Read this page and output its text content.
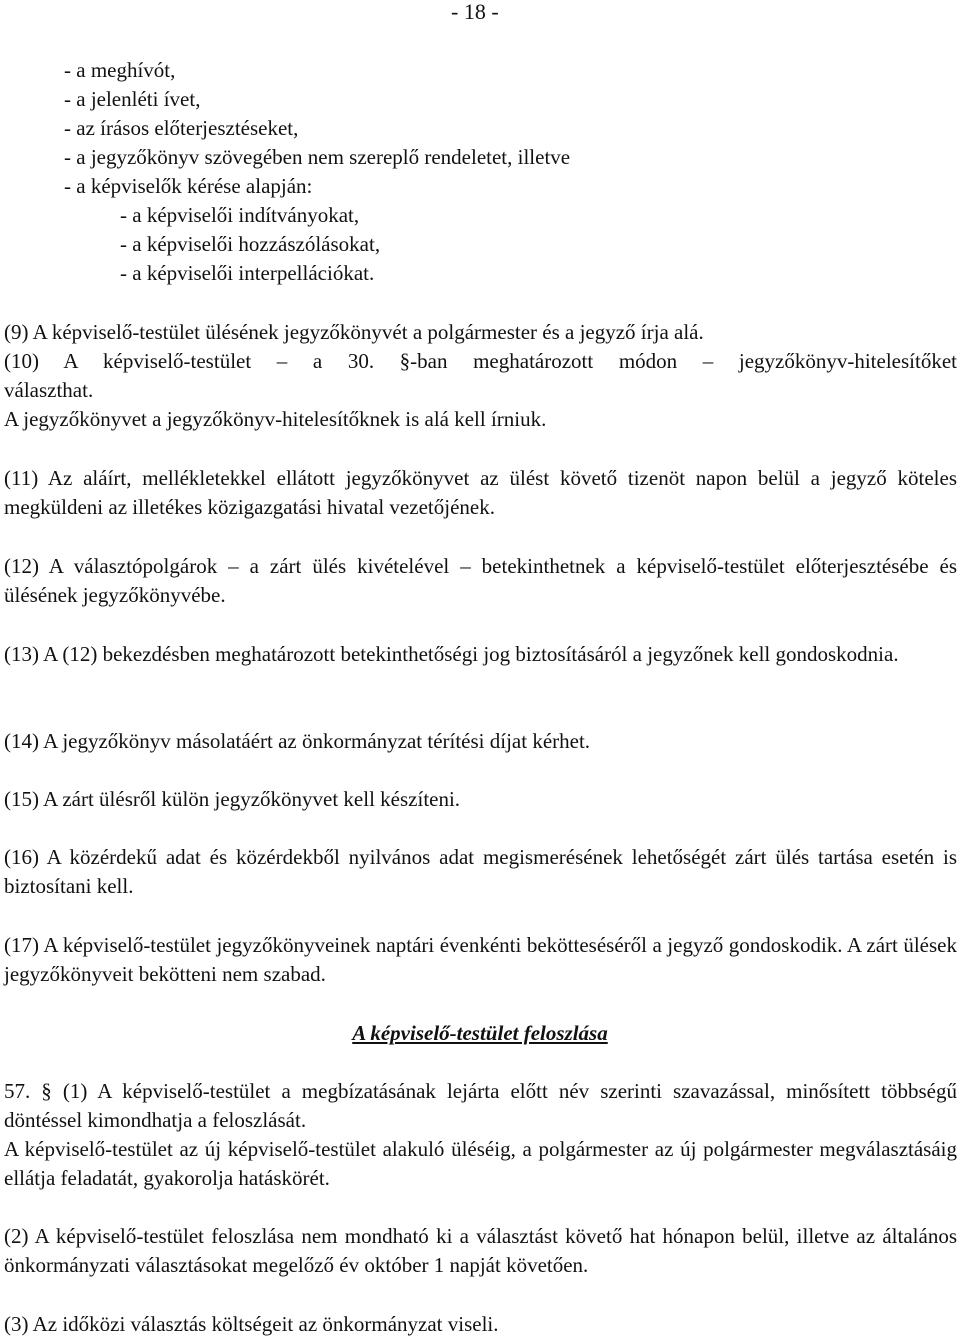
- 18 -
- a meghívót,
- a jelenléti ívet,
- az írásos előterjesztéseket,
- a jegyzőkönyv szövegében nem szereplő rendeletet, illetve
- a képviselők kérése alapján:
- a képviselői indítványokat,
- a képviselői hozzászólásokat,
- a képviselői interpellációkat.

(9) A képviselő-testület ülésének jegyzőkönyvét a polgármester és a jegyző írja alá.

(10) A képviselő-testület – a 30. §-ban meghatározott módon – jegyzőkönyv-hitelesítőket

választhat.

A jegyzőkönyvet a jegyzőkönyv-hitelesítőknek is alá kell írniuk.

(11) Az aláírt, mellékletekkel ellátott jegyzőkönyvet az ülést követő tizenöt napon belül a jegyző köteles megküldeni az illetékes közigazgatási hivatal vezetőjének.

(12) A választópolgárok – a zárt ülés kivételével – betekinthetnek a képviselő-testület előterjesztésébe és ülésének jegyzőkönyvébe.

(13) A (12) bekezdésben meghatározott betekinthetőségi jog biztosításáról a jegyzőnek kell gondoskodnia.

(14) A jegyzőkönyv másolatáért az önkormányzat térítési díjat kérhet.

(15) A zárt ülésről külön jegyzőkönyvet kell készíteni.

(16) A közérdekű adat és közérdekből nyilvános adat megismerésének lehetőségét zárt ülés tartása esetén is biztosítani kell.

(17) A képviselő-testület jegyzőkönyveinek naptári évenkénti bekötteséséről a jegyző gondoskodik. A zárt ülések jegyzőkönyveit bekötteni nem szabad.

A képviselő-testület feloszlása

57. § (1) A képviselő-testület a megbízatásának lejárta előtt név szerinti szavazással, minősített többségű döntéssel kimondhatja a feloszlását.

A képviselő-testület az új képviselő-testület alakuló üléséig, a polgármester az új polgármester megválasztásáig ellátja feladatát, gyakorolja hatáskörét.

(2) A képviselő-testület feloszlása nem mondható ki a választást követő hat hónapon belül, illetve az általános önkormányzati választásokat megelőző év október 1 napját követően.

(3) Az időközi választás költségeit az önkormányzat viseli.
